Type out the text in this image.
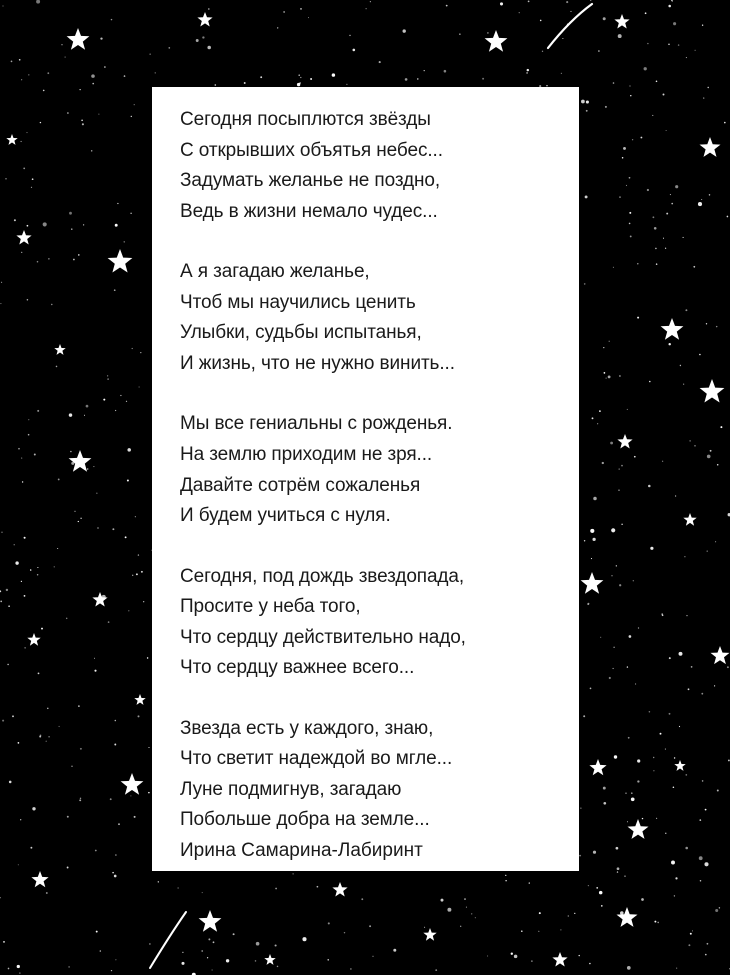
Сегодня посыплются звёзды
С открывших объятья небес...
Задумать желанье не поздно,
Ведь в жизни немало чудес...
А я загадаю желанье,
Чтоб мы научились ценить
Улыбки, судьбы испытанья,
И жизнь, что не нужно винить...
Мы все гениальны с рожденья.
На землю приходим не зря...
Давайте сотрём сожаленья
И будем учиться с нуля.
Сегодня, под дождь звездопада,
Просите у неба того,
Что сердцу действительно надо,
Что сердцу важнее всего...
Звезда есть у каждого, знаю,
Что светит надеждой во мгле...
Луне подмигнув, загадаю
Побольше добра на земле...
Ирина Самарина-Лабиринт
